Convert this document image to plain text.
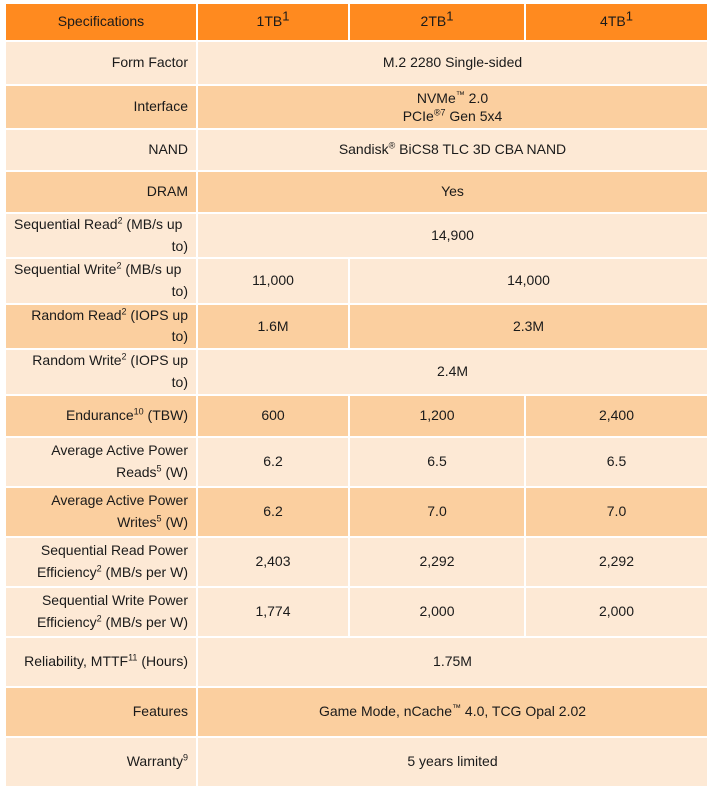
Specifications	$1TB^1$	$2TB^1$	$4TB^1$
Form Factor	M.2 2280 Single-sided		
Interface	NVMe™ 2.0
PCIe$^{®7}$ Gen 5x4		

NAND	Sandisk® BiCS8 TLC 3D CBA NAND		
DRAM	Yes		
Sequential Read$^2$ (MB/s up
to)	14,900		
Sequential Write$^2$ (MB/s up
to)	11,000	14,000	
Random Read$^2$ (IOPS up to)	1.6M	2.3M	
Random Write$^2$ (IOPS up
to)	2.4M		
Endurance$^{10}$ (TBW)	600	1,200	2,400

Average Active Power
Reads$^5$ (W)	6.2	6.5	6.5

Average Active Power
Writes$^5$ (W)	6.2	7.0	7.0

Sequential Read Power
Efficiency$^2$ (MB/s per W)	2,403	2,292	2,292

Sequential Write Power
Efficiency$^2$ (MB/s per W)	1,774	2,000	2,000
Reliability, MTTF$^{11}$ (Hours)	1.75M		
Features	Game Mode, nCache™ 4.0, TCG Opal 2.02		
Warranty$^9$	5 years limited		
